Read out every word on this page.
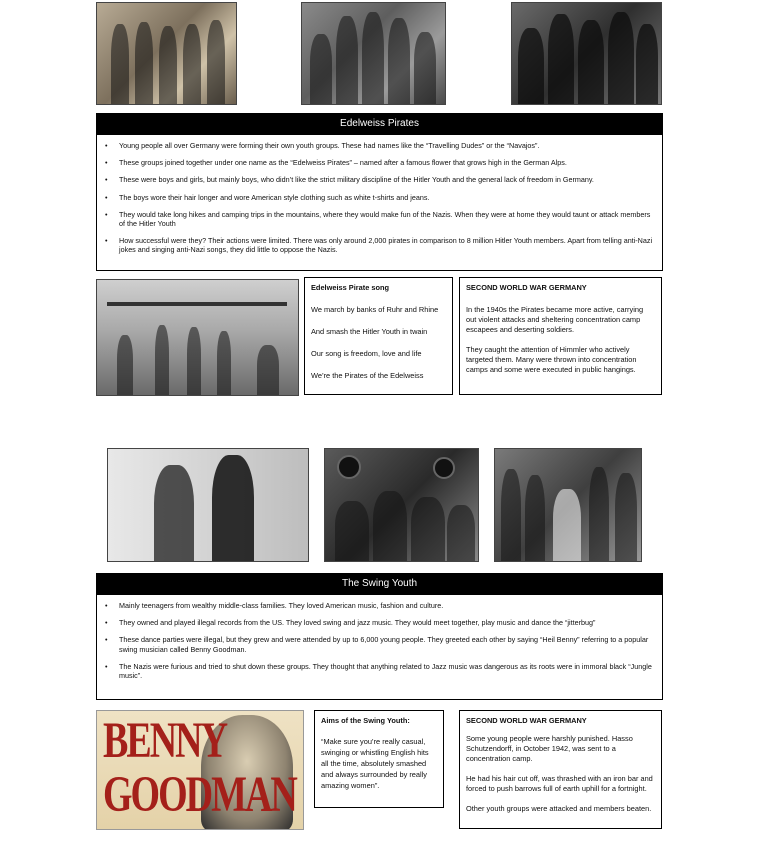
Edelweiss Pirates
• Young people all over Germany were forming their own youth groups. These had names like the “Travelling Dudes” or the “Navajos”.
• These groups joined together under one name as the “Edelweiss Pirates” – named after a famous flower that grows high in the German Alps.
• These were boys and girls, but mainly boys, who didn’t like the strict military discipline of the Hitler Youth and the general lack of freedom in Germany.
• The boys wore their hair longer and wore American style clothing such as white t-shirts and jeans.
• They would take long hikes and camping trips in the mountains, where they would make fun of the Nazis. When they were at home they would taunt or attack members of the Hitler Youth
• How successful were they? Their actions were limited. There was only around 2,000 pirates in comparison to 8 million Hitler Youth members. Apart from telling anti-Nazi jokes and singing anti-Nazi songs, they did little to oppose the Nazis.
Edelweiss Pirate song

We march by banks of Ruhr and Rhine

And smash the Hitler Youth in twain

Our song is freedom, love and life

We’re the Pirates of the Edelweiss

SECOND WORLD WAR GERMANY

In the 1940s the Pirates became more active, carrying out violent attacks and sheltering concentration camp escapees and deserting soldiers.

They caught the attention of Himmler who actively targeted them. Many were thrown into concentration camps and some were executed in public hangings.

The Swing Youth
• Mainly teenagers from wealthy middle-class families. They loved American music, fashion and culture.
• They owned and played illegal records from the US. They loved swing and jazz music. They would meet together, play music and dance the “jitterbug”
• These dance parties were illegal, but they grew and were attended by up to 6,000 young people. They greeted each other by saying “Heil Benny” referring to a popular swing musician called Benny Goodman.
• The Nazis were furious and tried to shut down these groups. They thought that anything related to Jazz music was dangerous as its roots were in immoral black “Jungle music”.
BENNY
GOODMAN
Aims of the Swing Youth:

“Make sure you’re really casual, swinging or whistling English hits all the time, absolutely smashed and always surrounded by really amazing women”.

SECOND WORLD WAR GERMANY

Some young people were harshly punished. Hasso Schutzendorff, in October 1942, was sent to a concentration camp.

He had his hair cut off, was thrashed with an iron bar and forced to push barrows full of earth uphill for a fortnight.

Other youth groups were attacked and members beaten.
